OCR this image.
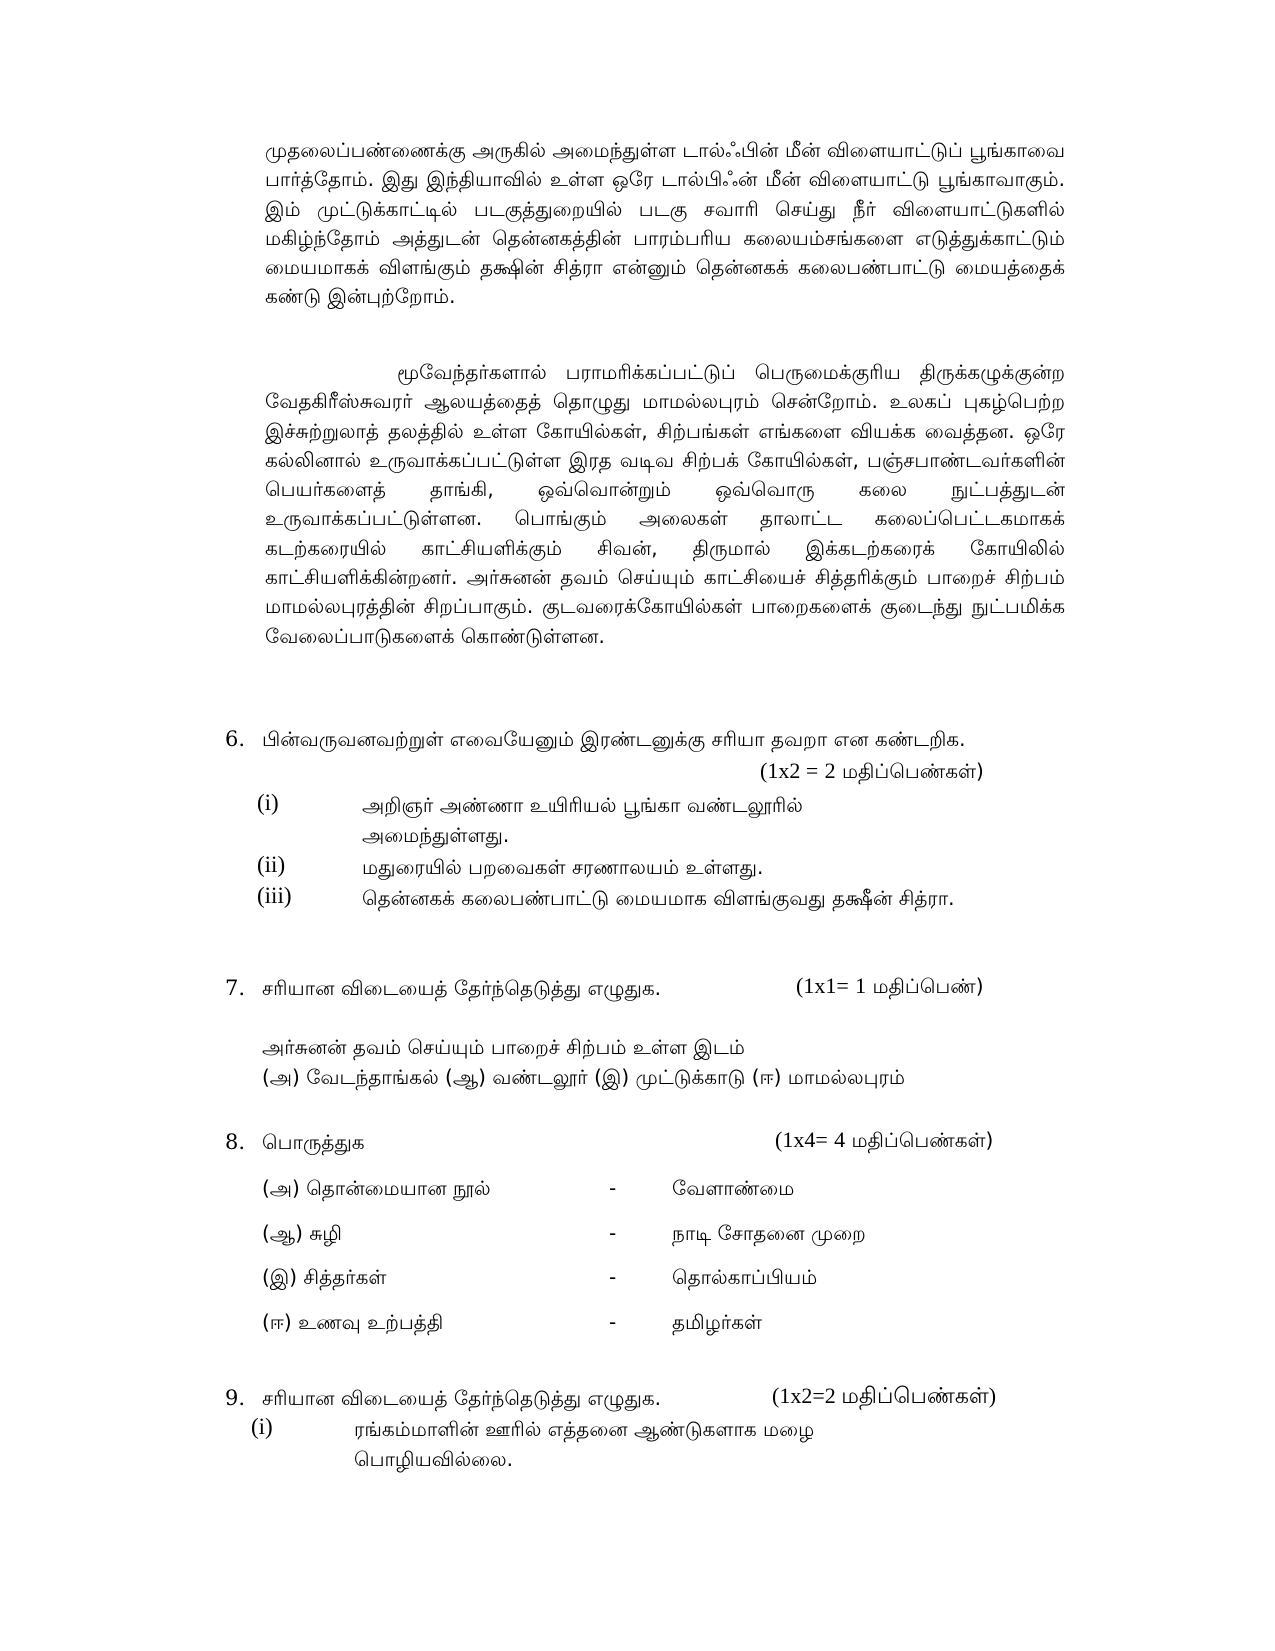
முதலைப்பண்ணைக்கு அருகில் அமைந்துள்ள டால்ஃபின் மீன் விளையாட்டுப் பூங்காவை பார்த்தோம். இது இந்தியாவில் உள்ள ஒரே டால்பிஃன் மீன் விளையாட்டு பூங்காவாகும். இம் முட்டுக்காட்டில் படகுத்துறையில் படகு சவாரி செய்து நீர் விளையாட்டுகளில் மகிழ்ந்தோம் அத்துடன் தென்னகத்தின் பாரம்பரிய கலையம்சங்களை எடுத்துக்காட்டும் மையமாகக் விளங்கும் தக்ஷின் சித்ரா என்னும் தென்னகக் கலைபண்பாட்டு மையத்தைக் கண்டு இன்புற்றோம்.

மூவேந்தர்களால் பராமரிக்கப்பட்டுப் பெருமைக்குரிய திருக்கழுக்குன்ற வேதகிரீஸ்சுவரர் ஆலயத்தைத் தொழுது மாமல்லபுரம் சென்றோம். உலகப் புகழ்பெற்ற இச்சுற்றுலாத் தலத்தில் உள்ள கோயில்கள், சிற்பங்கள் எங்களை வியக்க வைத்தன. ஒரே கல்லினால் உருவாக்கப்பட்டுள்ள இரத வடிவ சிற்பக் கோயில்கள், பஞ்சபாண்டவர்களின் பெயர்களைத் தாங்கி, ஒவ்வொன்றும் ஒவ்வொரு கலை நுட்பத்துடன் உருவாக்கப்பட்டுள்ளன. பொங்கும் அலைகள் தாலாட்ட கலைப்பெட்டகமாகக் கடற்கரையில் காட்சியளிக்கும் சிவன், திருமால் இக்கடற்கரைக் கோயிலில் காட்சியளிக்கின்றனர். அர்சுனன் தவம் செய்யும் காட்சியைச் சித்தரிக்கும் பாறைச் சிற்பம் மாமல்லபுரத்தின் சிறப்பாகும். குடவரைக்கோயில்கள் பாறைகளைக் குடைந்து நுட்பமிக்க வேலைப்பாடுகளைக் கொண்டுள்ளன.

6. பின்வருவனவற்றுள் எவையேனும் இரண்டனுக்கு சரியா தவறா என கண்டறிக.
(1x2 = 2 மதிப்பெண்கள்)
(i)	அறிஞர் அண்ணா உயிரியல் பூங்கா வண்டலூரில் அமைந்துள்ளது.
(ii)	மதுரையில் பறவைகள் சரணாலயம் உள்ளது.
(iii)	தென்னகக் கலைபண்பாட்டு மையமாக விளங்குவது தக்ஷீன் சித்ரா.
7. சரியான விடையைத் தேர்ந்தெடுத்து எழுதுக.	(1x1= 1 மதிப்பெண்)
அர்சுனன் தவம் செய்யும் பாறைச் சிற்பம் உள்ள இடம்
(அ) வேடந்தாங்கல் (ஆ) வண்டலூர் (இ) முட்டுக்காடு (ஈ) மாமல்லபுரம்
8. பொருத்துக	(1x4= 4 மதிப்பெண்கள்)
(அ) தொன்மையான நூல்	-	வேளாண்மை
(ஆ) சுழி	-	நாடி சோதனை முறை
(இ) சித்தர்கள்	-	தொல்காப்பியம்
(ஈ) உணவு உற்பத்தி	-	தமிழர்கள்
9. சரியான விடையைத் தேர்ந்தெடுத்து எழுதுக.	(1x2=2 மதிப்பெண்கள்)
(i)	ரங்கம்மாளின் ஊரில் எத்தனை ஆண்டுகளாக மழை பொழியவில்லை.
